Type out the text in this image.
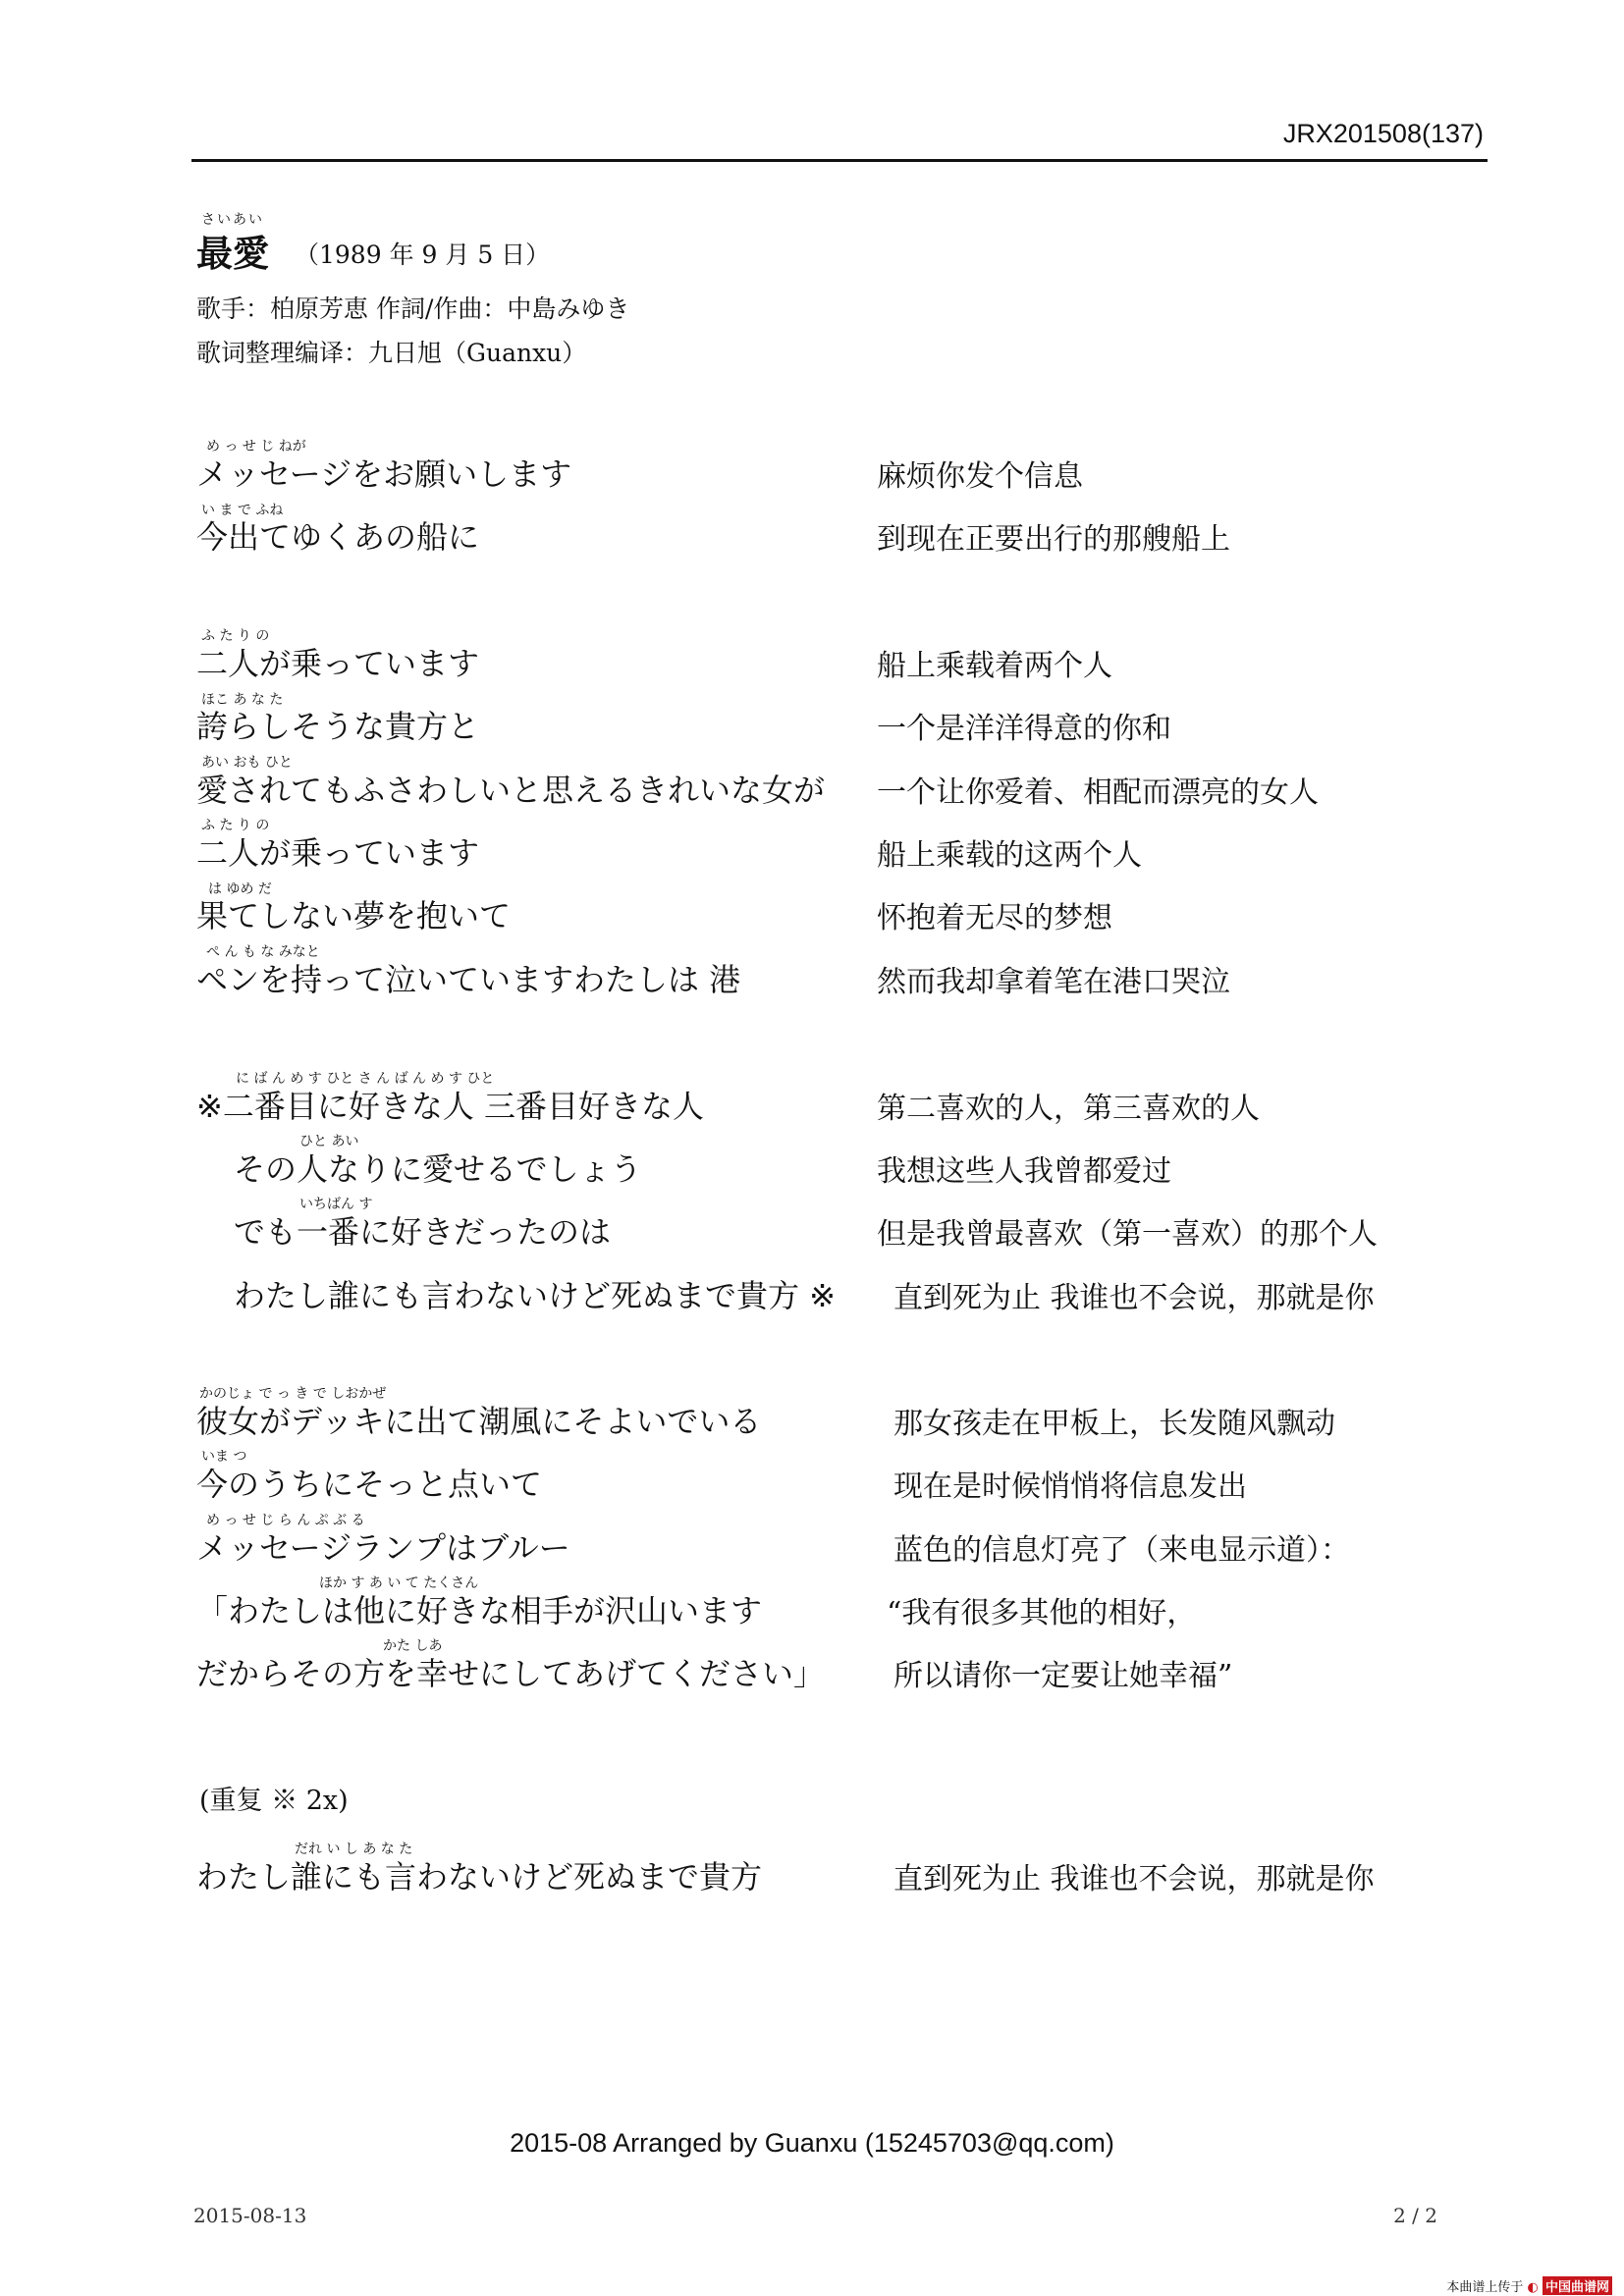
JRX201508(137)
さいあい
最愛 （1989 年 9 月 5 日）
歌手：柏原芳恵 作詞/作曲：中島みゆき
歌词整理编译：九日旭（Guanxu）
め っ せ じ ねが
メッセージをお願いします	麻烦你发个信息
い ま で ふね
今出てゆくあの船に	到现在正要出行的那艘船上
ふ た り の
二人が乗っています	船上乘载着两个人
ほこ あ な た
誇らしそうな貴方と	一个是洋洋得意的你和
あい おも ひと
愛されてもふさわしいと思えるきれいな女が 一个让你爱着、相配而漂亮的女人
ふ た り の
二人が乗っています	船上乘载的这两个人
は ゆめ だ
果てしない夢を抱いて	怀抱着无尽的梦想
ぺ ん も な みなと
ペンを持って泣いていますわたしは 港	然而我却拿着笔在港口哭泣
に ば ん め す ひと さ ん ば ん め す ひと
※二番目に好きな人 三番目好きな人	第二喜欢的人，第三喜欢的人
ひと あい
その人なりに愛せるでしょう	我想这些人我曾都爱过
いちばん す
でも一番に好きだったのは	但是我曾最喜欢（第一喜欢）的那个人
わたし誰にも言わないけど死ぬまで貴方 ※ 直到死为止 我谁也不会说，那就是你
かのじょ で っ き で しおかぜ
彼女がデッキに出て潮風にそよいでいる	那女孩走在甲板上，长发随风飘动
いま つ
今のうちにそっと点いて	现在是时候悄悄将信息发出
め っ せ じ ら ん ぷ ぶ る
メッセージランプはブルー	蓝色的信息灯亮了（来电显示道）：
ほか す あ い て たくさん
「わたしは他に好きな相手が沢山います	“我有很多其他的相好，
かた しあ
だからその方を幸せにしてあげてください」 所以请你一定要让她幸福”
(重复 ※ 2x)
だれ い し あ な た
わたし誰にも言わないけど死ぬまで貴方	直到死为止 我谁也不会说，那就是你
2015-08 Arranged by Guanxu (15245703@qq.com)
2015-08-13	2 / 2
本曲谱上传于 ◐ 中国曲谱网
